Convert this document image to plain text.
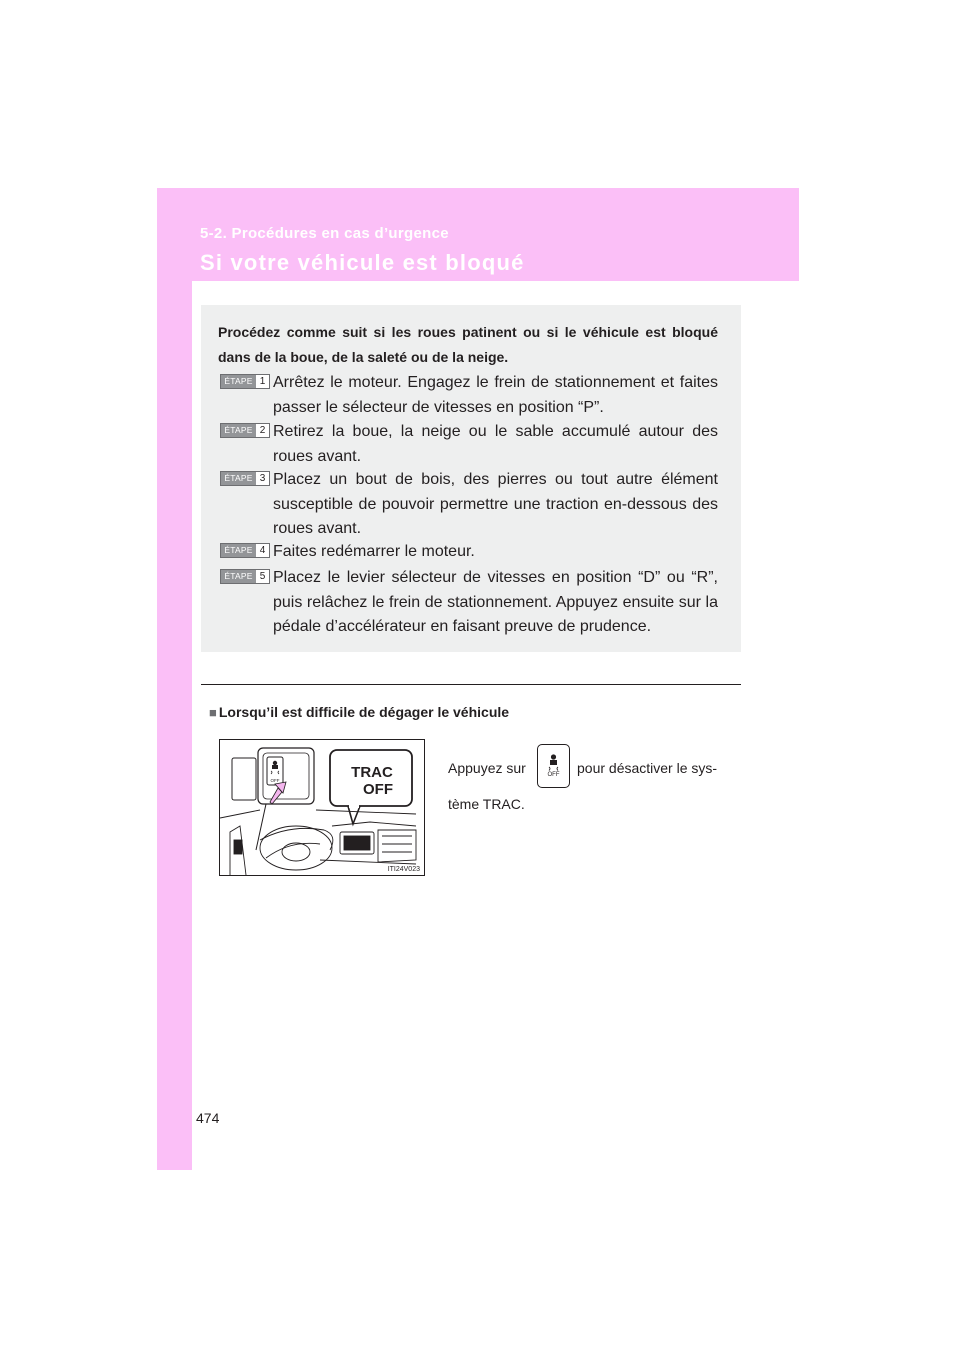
5-2. Procédures en cas d’urgence
Si votre véhicule est bloqué
Procédez comme suit si les roues patinent ou si le véhicule est bloqué dans de la boue, de la saleté ou de la neige.
ÉTAPE 1 Arrêtez le moteur. Engagez le frein de stationnement et faites passer le sélecteur de vitesses en position “P”.
ÉTAPE 2 Retirez la boue, la neige ou le sable accumulé autour des roues avant.
ÉTAPE 3 Placez un bout de bois, des pierres ou tout autre élément susceptible de pouvoir permettre une traction en-dessous des roues avant.
ÉTAPE 4 Faites redémarrer le moteur.
ÉTAPE 5 Placez le levier sélecteur de vitesses en position “D” ou “R”, puis relâchez le frein de stationnement. Appuyez ensuite sur la pédale d’accélérateur en faisant preuve de prudence.
■ Lorsqu’il est difficile de dégager le véhicule
OFF	TRAC
OFF
ITI24V023
Appuyez sur	OFF pour désactiver le sys-
tème TRAC.
474
